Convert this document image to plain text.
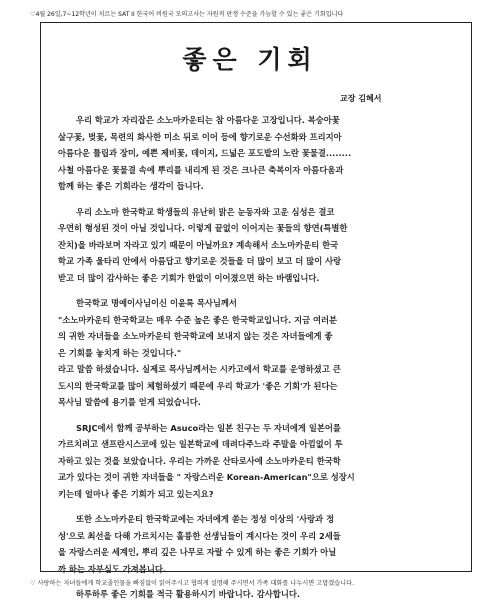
♡4월 26일,7~12학년이 치르는 SAT II 한국어 비원국 모의고사는 자원적 판쟁 수준을 가늠할 수 있는 좋은 기회입니다
좋은 기회
교장 김혜서
우리 학교가 자리잡은 소노마카운티는 참 아름다운 고장입니다. 복숭아꽃
살구꽃, 벚꽃, 목련의 화사한 미소 뒤로 이어 등에 향기로운 수선화와 프리지아
아름다운 튤립과 장미, 예쁜 제비꽃, 데이지, 드넓은 포도밭의 노란 꽃물결........
사철 아름다운 꽃물결 속에 뿌리를 내리게 된 것은 크나큰 축복이자 아름다움과
함께 하는 좋은 기회라는 생각이 듭니다.
우리 소노마 한국학교 학생들의 유난히 맑은 눈동자와 고운 심성은 결코
우연히 형성된 것이 아닐 것입니다. 이렇게 끝없이 이어지는 꽃들의 향연(특별한
잔치)을 바라보며 자라고 있기 때문이 아닐까요? 계속해서 소노마카운티 한국
학교 가족 울타리 안에서 아름답고 향기로운 것들을 더 많이 보고 더 많이 사랑
받고 더 많이 감사하는 좋은 기회가 한없이 이어졌으면 하는 바램입니다.
한국학교 명예이사님이신 이윤록 목사님께서
"소노마카운티 한국학교는 매우 수준 높은 좋은 한국학교입니다. 지금 여러분
의 귀한 자녀들을 소노마카운티 한국학교에 보내지 않는 것은 자녀들에게 좋
은 기회를 놓치게 하는 것입니다."
라고 말씀 하셨습니다. 실제로 목사님께서는 시카고에서 학교를 운영하셨고 큰
도시의 한국학교를 많이 체험하셨기 때문에 우리 학교가 '좋은 기회'가 된다는
목사님 말씀에 용기를 얻게 되었습니다.
SRJC에서 함께 공부하는 Asuco라는 일본 친구는 두 자녀에게 일본어를
가르치려고 샌프란시스코에 있는 일본학교에 데려다주느라 주말을 아낌없이 투
자하고 있는 것을 보았습니다. 우리는 가까운 산타로사에 소노마카운티 한국학
교가 있다는 것이 귀한 자녀들을 " 자랑스러운 Korean-American"으로 성장시
키는데 얼마나 좋은 기회가 되고 있는지요?
또한 소노마카운티 한국학교에는 자녀에게 쏟는 정성 이상의 '사랑과 정
성'으로 최선을 다해 가르치시는 훌륭한 선생님들이 계시다는 것이 우리 2세들
을 자랑스러운 세계인, 뿌리 깊은 나무로 자랄 수 있게 하는 좋은 기회가 아닐
까 하는 자부심도 가져봅니다.
하루하루 좋은 기회를 적극 활용하시기 바랍니다. 감사합니다.
♡ 사랑하는 자녀들에게 학교졸인물을 빠짐없이 읽어주시고 협력게 설명해 주시면서 가족 대화를 나누시면 고맙겠습니다.
